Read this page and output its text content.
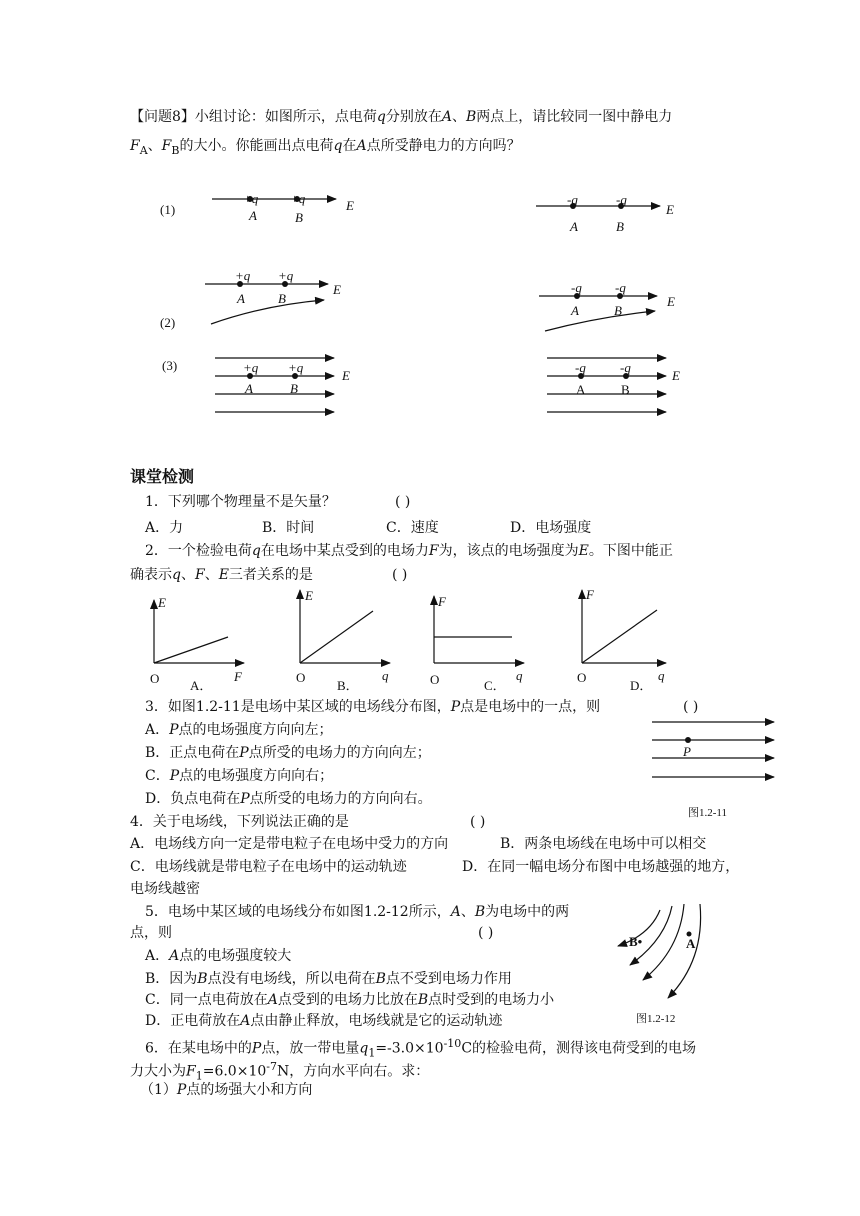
【问题8】小组讨论：如图所示，点电荷q分别放在A、B两点上，请比较同一图中静电力
$F_A$、$F_B$的大小。你能画出点电荷q在A点所受静电力的方向吗？
(1)
+q +q
A	B
E	-q	-q
A	B
E
(2)
+q +q
A	B
E	-q	-q
A	B
E
(3)	+q +q
A	B
E
-q	-q
A	B
E
E
F
O A．
E
q
O
B．
F
q
O	C．
F
q
O
D．
P
图1.2-11
B•	A
图1.2-12
课堂检测
1．下列哪个物理量不是矢量？	( )
A．力	B．时间	C．速度	D．电场强度
2．一个检验电荷q在电场中某点受到的电场力F为，该点的电场强度为E。下图中能正
确表示q、F、E三者关系的是	( )
3．如图1.2-11是电场中某区域的电场线分布图，P点是电场中的一点，则	( )
A．P点的电场强度方向向左；
B．正点电荷在P点所受的电场力的方向向左；
C．P点的电场强度方向向右；
D．负点电荷在P点所受的电场力的方向向右。
4．关于电场线，下列说法正确的是	( )
A．电场线方向一定是带电粒子在电场中受力的方向	B．两条电场线在电场中可以相交
C．电场线就是带电粒子在电场中的运动轨迹	D．在同一幅电场分布图中电场越强的地方，
电场线越密
5．电场中某区域的电场线分布如图1.2-12所示，A、B为电场中的两
点，则	( )
A．A点的电场强度较大
B．因为B点没有电场线，所以电荷在B点不受到电场力作用
C．同一点电荷放在A点受到的电场力比放在B点时受到的电场力小
D．正电荷放在A点由静止释放，电场线就是它的运动轨迹
6．在某电场中的P点，放一带电量$q_1=-3.0\times 10^{-10}C$的检验电荷，测得该电荷受到的电场
力大小为$F_1=6.0\times 10^{-7}N$，方向水平向右。求：
（1）P点的场强大小和方向
